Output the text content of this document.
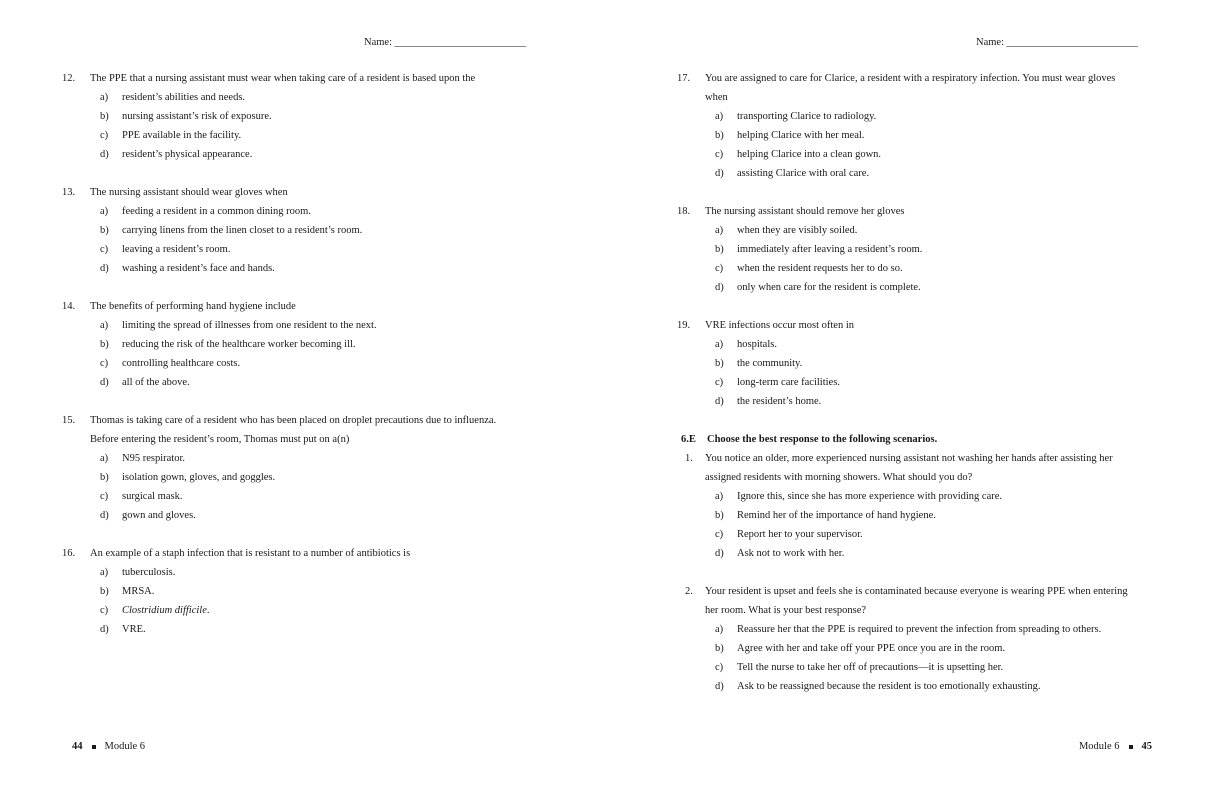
Name: _________________________
12.	The PPE that a nursing assistant must wear when taking care of a resident is based upon the
a) resident’s abilities and needs.
b) nursing assistant’s risk of exposure.
c) PPE available in the facility.
d) resident’s physical appearance.
13.	The nursing assistant should wear gloves when
a) feeding a resident in a common dining room.
b) carrying linens from the linen closet to a resident’s room.
c) leaving a resident’s room.
d) washing a resident’s face and hands.
14.	The benefits of performing hand hygiene include
a) limiting the spread of illnesses from one resident to the next.
b) reducing the risk of the healthcare worker becoming ill.
c) controlling healthcare costs.
d) all of the above.
15.	Thomas is taking care of a resident who has been placed on droplet precautions due to influenza.
Before entering the resident’s room, Thomas must put on a(n)
a) N95 respirator.
b) isolation gown, gloves, and goggles.
c) surgical mask.
d) gown and gloves.
16.	An example of a staph infection that is resistant to a number of antibiotics is
a) tuberculosis.
b) MRSA.
c) Clostridium difficile.
d) VRE.
44 Module 6
Name: _________________________
17.	You are assigned to care for Clarice, a resident with a respiratory infection. You must wear gloves
when
a) transporting Clarice to radiology.
b) helping Clarice with her meal.
c) helping Clarice into a clean gown.
d) assisting Clarice with oral care.
18.	The nursing assistant should remove her gloves
a) when they are visibly soiled.
b) immediately after leaving a resident’s room.
c) when the resident requests her to do so.
d) only when care for the resident is complete.
19.	VRE infections occur most often in
a) hospitals.
b) the community.
c) long-term care facilities.
d) the resident’s home.
6.E Choose the best response to the following scenarios.
1.	You notice an older, more experienced nursing assistant not washing her hands after assisting her
assigned residents with morning showers. What should you do?
a) Ignore this, since she has more experience with providing care.
b) Remind her of the importance of hand hygiene.
c) Report her to your supervisor.
d) Ask not to work with her.
2.	Your resident is upset and feels she is contaminated because everyone is wearing PPE when entering
her room. What is your best response?
a) Reassure her that the PPE is required to prevent the infection from spreading to others.
b) Agree with her and take off your PPE once you are in the room.
c) Tell the nurse to take her off of precautions—it is upsetting her.
d) Ask to be reassigned because the resident is too emotionally exhausting.
Module 6 45
